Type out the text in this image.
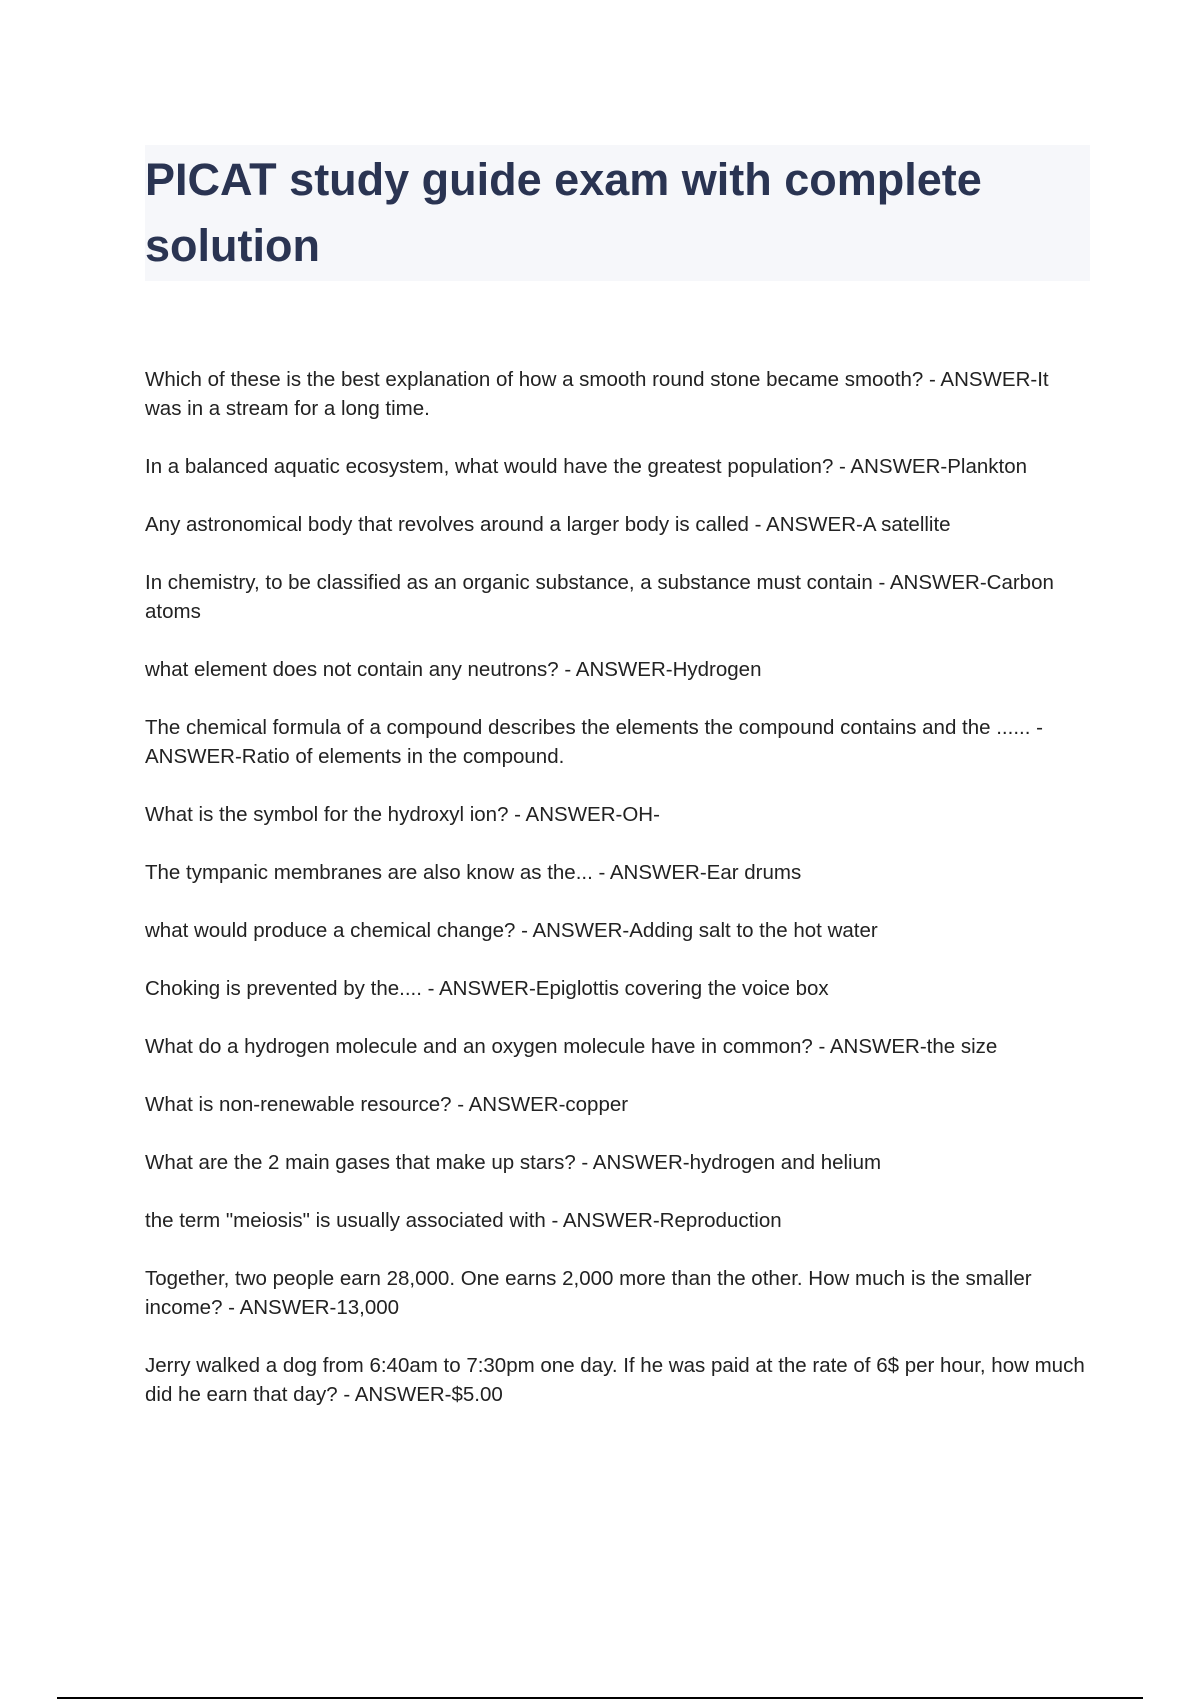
PICAT study guide exam with complete solution
Which of these is the best explanation of how a smooth round stone became smooth? - ANSWER-It was in a stream for a long time.
In a balanced aquatic ecosystem, what would have the greatest population? - ANSWER-Plankton
Any astronomical body that revolves around a larger body is called - ANSWER-A satellite
In chemistry, to be classified as an organic substance, a substance must contain - ANSWER-Carbon atoms
what element does not contain any neutrons? - ANSWER-Hydrogen
The chemical formula of a compound describes the elements the compound contains and the ...... - ANSWER-Ratio of elements in the compound.
What is the symbol for the hydroxyl ion? - ANSWER-OH-
The tympanic membranes are also know as the... - ANSWER-Ear drums
what would produce a chemical change? - ANSWER-Adding salt to the hot water
Choking is prevented by the.... - ANSWER-Epiglottis covering the voice box
What do a hydrogen molecule and an oxygen molecule have in common? - ANSWER-the size
What is non-renewable resource? - ANSWER-copper
What are the 2 main gases that make up stars? - ANSWER-hydrogen and helium
the term "meiosis" is usually associated with - ANSWER-Reproduction
Together, two people earn 28,000. One earns 2,000 more than the other. How much is the smaller income? - ANSWER-13,000
Jerry walked a dog from 6:40am to 7:30pm one day. If he was paid at the rate of 6$ per hour, how much did he earn that day? - ANSWER-$5.00
